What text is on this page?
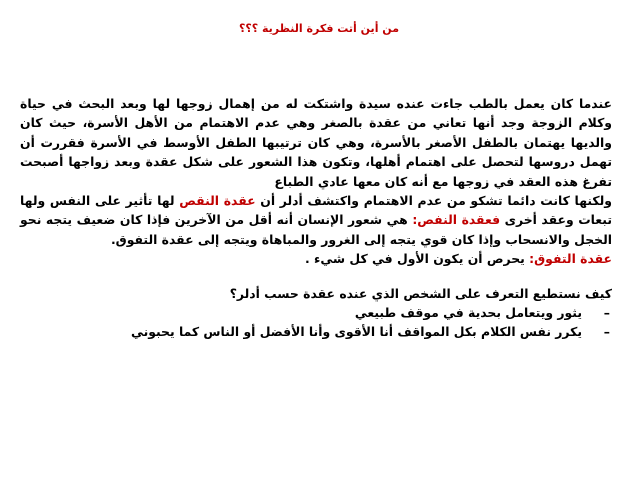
من أين أتت فكرة النظرية ؟؟؟

عندما كان يعمل بالطب جاءت عنده سيدة واشتكت له من إهمال زوجها لها وبعد البحث في حياة وكلام الزوجة وجد أنها تعاني من عقدة بالصغر وهي عدم الاهتمام من الأهل الأسرة، حيث كان والديها يهتمان بالطفل الأصغر بالأسرة، وهي كان ترتيبها الطفل الأوسط في الأسرة فقررت أن تهمل دروسها لتحصل على اهتمام أهلها، وتكون هذا الشعور على شكل عقدة وبعد زواجها أصبحت تفرغ هذه العقد في زوجها مع أنه كان معها عادي الطباع

ولكنها كانت دائما تشكو من عدم الاهتمام واكتشف أدلر أن عقدة النقص لها تأثير على النفس ولها تبعات وعقد أخرى فعقدة النفص: هي شعور الإنسان أنه أقل من الآخرين فإذا كان ضعيف يتجه نحو الخجل والانسحاب وإذا كان قوي يتجه إلى الغرور والمباهاة ويتجه إلى عقدة التفوق.

عقدة التفوق: يحرص أن يكون الأول في كل شيء .

كيف نستطيع التعرف على الشخص الذي عنده عقدة حسب أدلر؟

–
يثور ويتعامل بحدية في موقف طبيعي
–
يكرر نفس الكلام بكل المواقف أنا الأقوى وأنا الأفضل أو الناس كما يحبوني
